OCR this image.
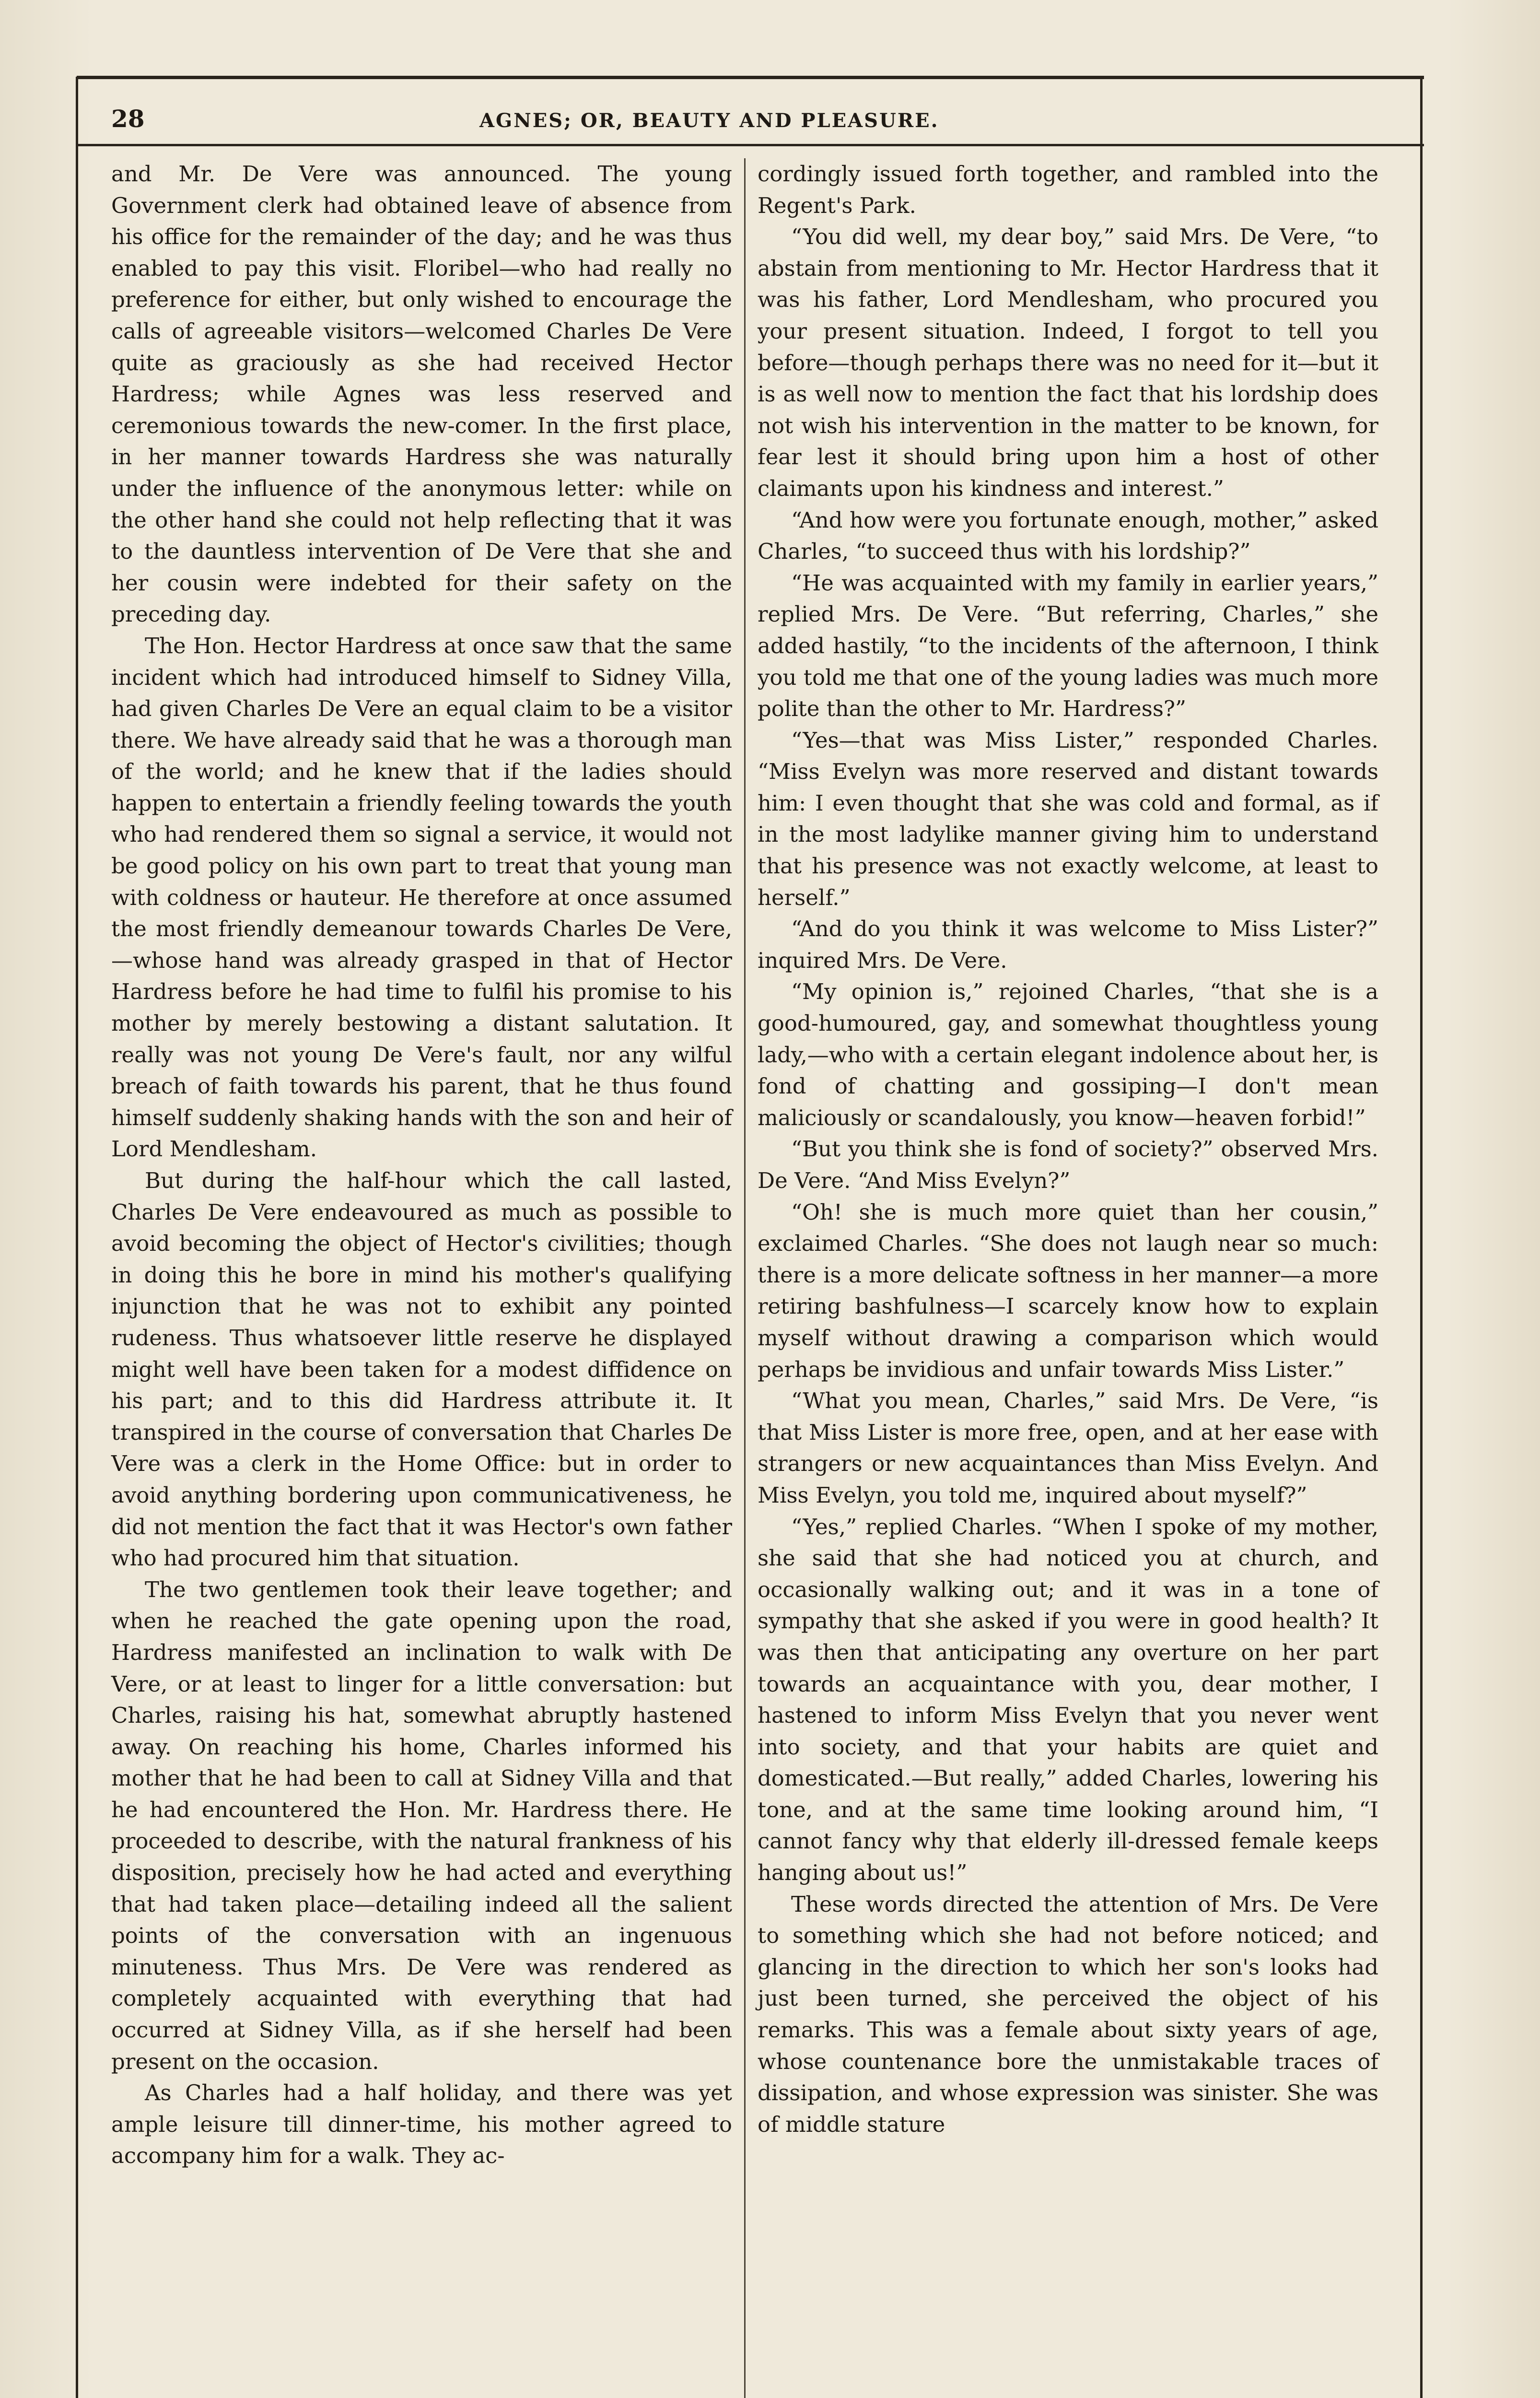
28	AGNES; OR, BEAUTY AND PLEASURE.

and Mr. De Vere was announced. The young Government clerk had obtained leave of absence from his office for the remainder of the day; and he was thus enabled to pay this visit. Floribel—who had really no preference for either, but only wished to encourage the calls of agreeable visitors—welcomed Charles De Vere quite as graciously as she had received Hector Hardress; while Agnes was less reserved and ceremonious towards the new-comer. In the first place, in her manner towards Hardress she was naturally under the influence of the anonymous letter: while on the other hand she could not help reflecting that it was to the dauntless intervention of De Vere that she and her cousin were indebted for their safety on the preceding day.

The Hon. Hector Hardress at once saw that the same incident which had introduced himself to Sidney Villa, had given Charles De Vere an equal claim to be a visitor there. We have already said that he was a thorough man of the world; and he knew that if the ladies should happen to entertain a friendly feeling towards the youth who had rendered them so signal a service, it would not be good policy on his own part to treat that young man with coldness or hauteur. He therefore at once assumed the most friendly demeanour towards Charles De Vere,—whose hand was already grasped in that of Hector Hardress before he had time to fulfil his promise to his mother by merely bestowing a distant salutation. It really was not young De Vere's fault, nor any wilful breach of faith towards his parent, that he thus found himself suddenly shaking hands with the son and heir of Lord Mendlesham.

But during the half-hour which the call lasted, Charles De Vere endeavoured as much as possible to avoid becoming the object of Hector's civilities; though in doing this he bore in mind his mother's qualifying injunction that he was not to exhibit any pointed rudeness. Thus whatsoever little reserve he displayed might well have been taken for a modest diffidence on his part; and to this did Hardress attribute it. It transpired in the course of conversation that Charles De Vere was a clerk in the Home Office: but in order to avoid anything bordering upon communicativeness, he did not mention the fact that it was Hector's own father who had procured him that situation.

The two gentlemen took their leave together; and when he reached the gate opening upon the road, Hardress manifested an inclination to walk with De Vere, or at least to linger for a little conversation: but Charles, raising his hat, somewhat abruptly hastened away. On reaching his home, Charles informed his mother that he had been to call at Sidney Villa and that he had encountered the Hon. Mr. Hardress there. He proceeded to describe, with the natural frankness of his disposition, precisely how he had acted and everything that had taken place—detailing indeed all the salient points of the conversation with an ingenuous minuteness. Thus Mrs. De Vere was rendered as completely acquainted with everything that had occurred at Sidney Villa, as if she herself had been present on the occasion.

As Charles had a half holiday, and there was yet ample leisure till dinner-time, his mother agreed to accompany him for a walk. They ac-

cordingly issued forth together, and rambled into the Regent's Park.

“You did well, my dear boy,” said Mrs. De Vere, “to abstain from mentioning to Mr. Hector Hardress that it was his father, Lord Mendlesham, who procured you your present situation. Indeed, I forgot to tell you before—though perhaps there was no need for it—but it is as well now to mention the fact that his lordship does not wish his intervention in the matter to be known, for fear lest it should bring upon him a host of other claimants upon his kindness and interest.”

“And how were you fortunate enough, mother,” asked Charles, “to succeed thus with his lordship?”

“He was acquainted with my family in earlier years,” replied Mrs. De Vere. “But referring, Charles,” she added hastily, “to the incidents of the afternoon, I think you told me that one of the young ladies was much more polite than the other to Mr. Hardress?”

“Yes—that was Miss Lister,” responded Charles. “Miss Evelyn was more reserved and distant towards him: I even thought that she was cold and formal, as if in the most ladylike manner giving him to understand that his presence was not exactly welcome, at least to herself.”

“And do you think it was welcome to Miss Lister?” inquired Mrs. De Vere.

“My opinion is,” rejoined Charles, “that she is a good-humoured, gay, and somewhat thoughtless young lady,—who with a certain elegant indolence about her, is fond of chatting and gossiping—I don't mean maliciously or scandalously, you know—heaven forbid!”

“But you think she is fond of society?” observed Mrs. De Vere. “And Miss Evelyn?”

“Oh! she is much more quiet than her cousin,” exclaimed Charles. “She does not laugh near so much: there is a more delicate softness in her manner—a more retiring bashfulness—I scarcely know how to explain myself without drawing a comparison which would perhaps be invidious and unfair towards Miss Lister.”

“What you mean, Charles,” said Mrs. De Vere, “is that Miss Lister is more free, open, and at her ease with strangers or new acquaintances than Miss Evelyn. And Miss Evelyn, you told me, inquired about myself?”

“Yes,” replied Charles. “When I spoke of my mother, she said that she had noticed you at church, and occasionally walking out; and it was in a tone of sympathy that she asked if you were in good health? It was then that anticipating any overture on her part towards an acquaintance with you, dear mother, I hastened to inform Miss Evelyn that you never went into society, and that your habits are quiet and domesticated.—But really,” added Charles, lowering his tone, and at the same time looking around him, “I cannot fancy why that elderly ill-dressed female keeps hanging about us!”

These words directed the attention of Mrs. De Vere to something which she had not before noticed; and glancing in the direction to which her son's looks had just been turned, she perceived the object of his remarks. This was a female about sixty years of age, whose countenance bore the unmistakable traces of dissipation, and whose expression was sinister. She was of middle stature
